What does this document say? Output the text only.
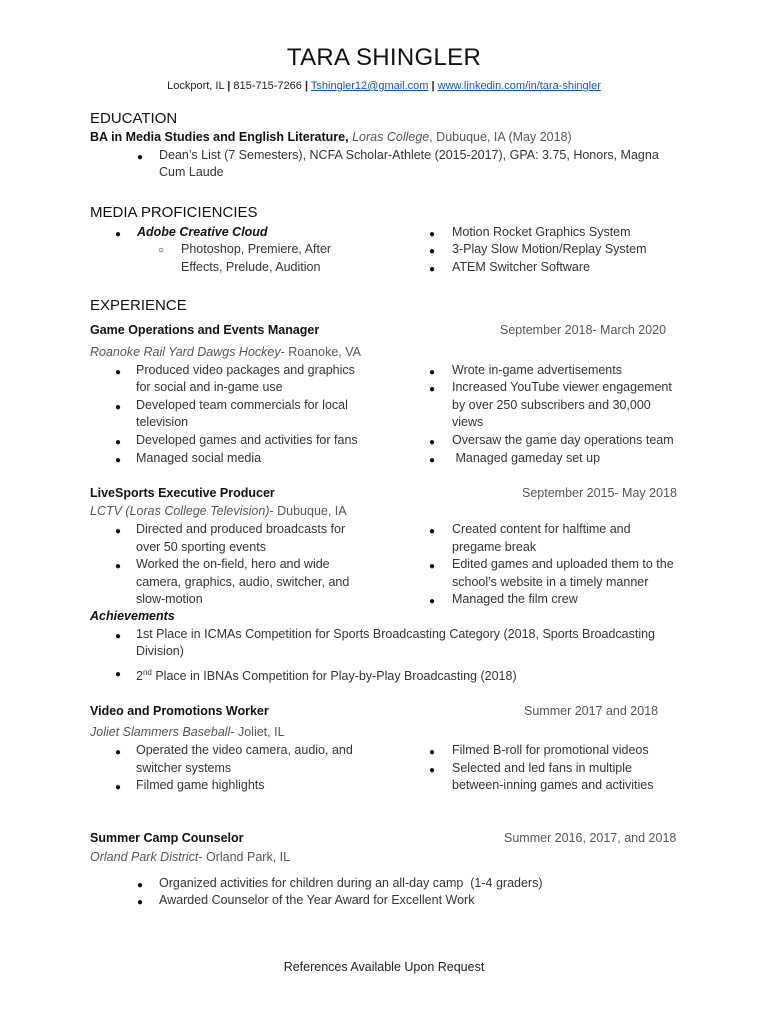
TARA SHINGLER
Lockport, IL | 815-715-7266 | Tshingler12@gmail.com | www.linkedin.com/in/tara-shingler
EDUCATION
BA in Media Studies and English Literature, Loras College, Dubuque, IA (May 2018)
● Dean’s List (7 Semesters), NCFA Scholar-Athlete (2015-2017), GPA: 3.75, Honors, Magna
Cum Laude
MEDIA PROFICIENCIES
● Adobe Creative Cloud
○ Photoshop, Premiere, After
Effects, Prelude, Audition
● Motion Rocket Graphics System
● 3-Play Slow Motion/Replay System
● ATEM Switcher Software
EXPERIENCE
Game Operations and Events Manager	September 2018- March 2020
Roanoke Rail Yard Dawgs Hockey- Roanoke, VA
● Produced video packages and graphics
for social and in-game use
● Developed team commercials for local
television
● Developed games and activities for fans
● Managed social media
● Wrote in-game advertisements
● Increased YouTube viewer engagement
by over 250 subscribers and 30,000
views
● Oversaw the game day operations team
● Managed gameday set up
LiveSports Executive Producer	September 2015- May 2018
LCTV (Loras College Television)- Dubuque, IA
● Directed and produced broadcasts for
over 50 sporting events
● Worked the on-field, hero and wide
camera, graphics, audio, switcher, and
slow-motion
● Created content for halftime and
pregame break
● Edited games and uploaded them to the
school’s website in a timely manner
● Managed the film crew
Achievements
● 1st Place in ICMAs Competition for Sports Broadcasting Category (2018, Sports Broadcasting
Division)
● 2nd Place in IBNAs Competition for Play-by-Play Broadcasting (2018)
Video and Promotions Worker	Summer 2017 and 2018
Joliet Slammers Baseball- Joliet, IL
● Operated the video camera, audio, and
switcher systems
● Filmed game highlights
● Filmed B-roll for promotional videos
● Selected and led fans in multiple
between-inning games and activities
Summer Camp Counselor	Summer 2016, 2017, and 2018
Orland Park District- Orland Park, IL
● Organized activities for children during an all-day camp  (1-4 graders)
● Awarded Counselor of the Year Award for Excellent Work
References Available Upon Request
